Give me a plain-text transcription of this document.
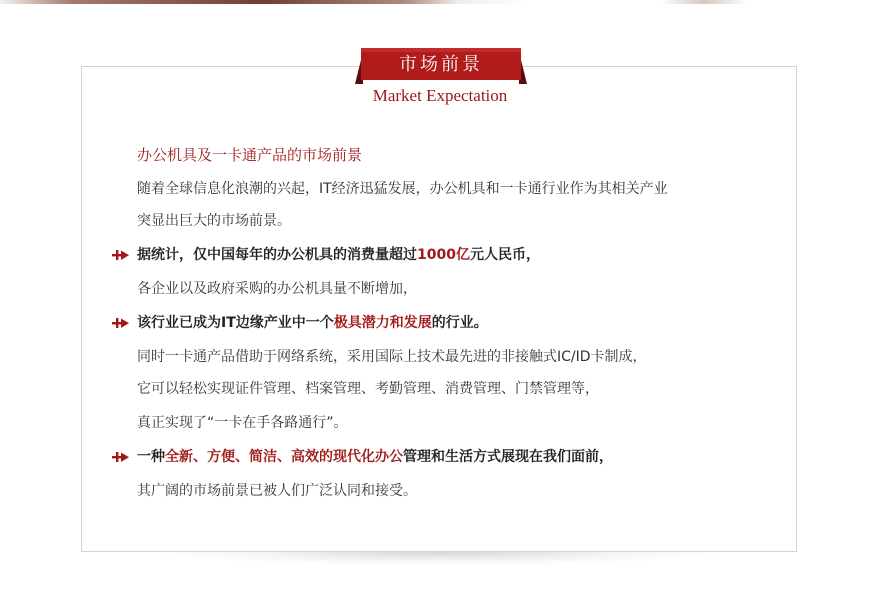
市场前景
Market Expectation
办公机具及一卡通产品的市场前景
随着全球信息化浪潮的兴起，IT经济迅猛发展，办公机具和一卡通行业作为其相关产业
突显出巨大的市场前景。
据统计，仅中国每年的办公机具的消费量超过1000亿元人民币，
各企业以及政府采购的办公机具量不断增加，
该行业已成为IT边缘产业中一个极具潜力和发展的行业。
同时一卡通产品借助于网络系统，采用国际上技术最先进的非接触式IC/ID卡制成，
它可以轻松实现证件管理、档案管理、考勤管理、消费管理、门禁管理等，
真正实现了“一卡在手各路通行”。
一种全新、方便、简洁、高效的现代化办公管理和生活方式展现在我们面前，
其广阔的市场前景已被人们广泛认同和接受。
